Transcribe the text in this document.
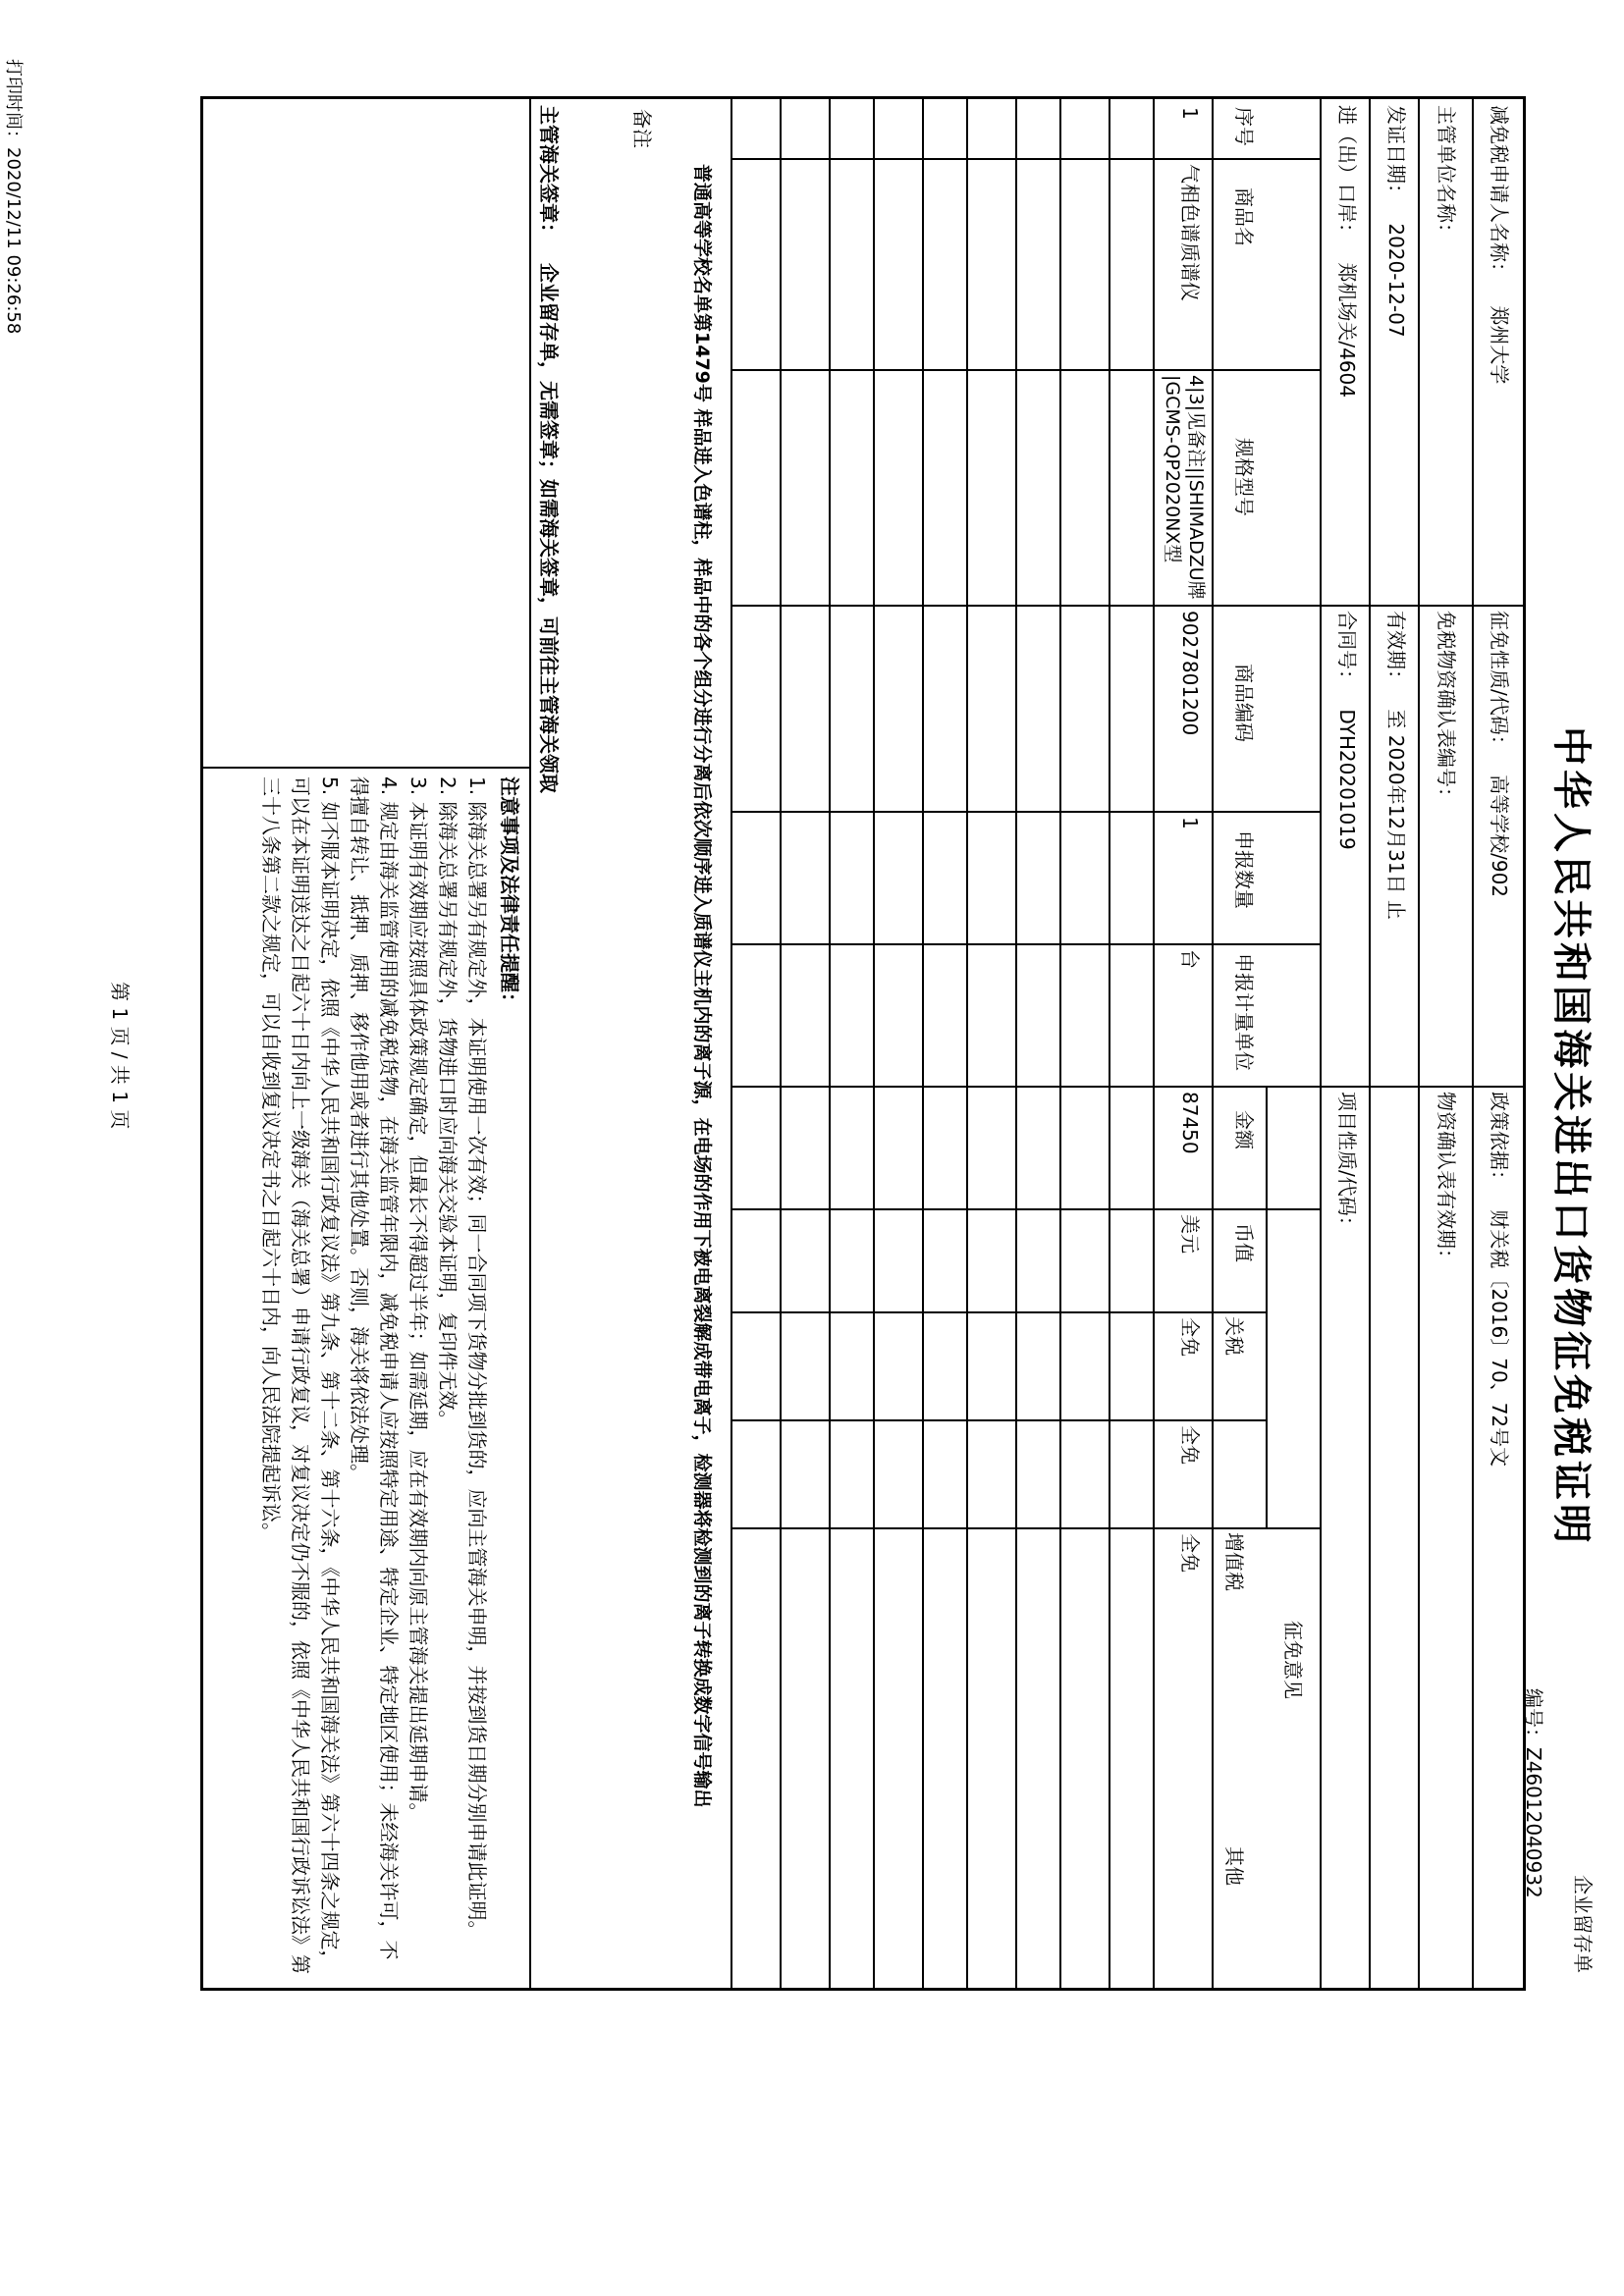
打印时间：2020/12/11 09:26:58
中华人民共和国海关进出口货物征免税证明
企业留存单
编号：Z46012040932
减免税申请人名称： 郑州大学
征免性质/代码： 高等学校/902
政策依据： 财关税〔2016〕70、72号文
主管单位名称：
免税物资确认表编号：
物资确认表有效期：
发证日期： 2020-12-07
有效期： 至 2020年12月31日 止
进（出）口岸： 郑机场关/4604
合同号： DYH20201019
项目性质/代码：
序号
商品名
规格型号
商品编码
申报数量
申报计量单位
金额
币值
征免意见
关税
增值税
其他
1
气相色谱质谱仪
4|3|见备注||SHIMADZU牌
|GCMS-QP2020NX型
9027801200
1
台
87450
美元
全免
全免
全免
备注
普通高等学校名单第1479号 样品进入色谱柱，样品中的各个组分进行分离后依次顺序进入质谱仪主机内的离子源，在电场的作用下被电离裂解成带电离子，检测器将检测到的离子转换成数字信号输出
主管海关签章： 企业留存单，无需签章；如需海关签章，可前往主管海关领取
注意事项及法律责任提醒：
1. 除海关总署另有规定外，本证明使用一次有效；同一合同项下货物分批到货的，应向主管海关申明，并按到货日期分别申请此证明。
2. 除海关总署另有规定外，货物进口时应向海关交验本证明，复印件无效。
3. 本证明有效期应按照具体政策规定确定，但最长不得超过半年；如需延期，应在有效期内向原主管海关提出延期申请。
4. 规定由海关监管使用的减免税货物，在海关监管年限内，减免税申请人应按照特定用途、特定企业、特定地区使用；未经海关许可，不得擅自转让、抵押、质押、移作他用或者进行其他处置。否则，海关将依法处理。
5. 如不服本证明决定，依照《中华人民共和国行政复议法》第九条、第十二条、第十六条，《中华人民共和国海关法》第六十四条之规定，可以在本证明送达之日起六十日内向上一级海关（海关总署）申请行政复议，对复议决定仍不服的，依照《中华人民共和国行政诉讼法》第三十八条第二款之规定，可以自收到复议决定书之日起六十日内，向人民法院提起诉讼。
第 1 页 / 共 1 页
